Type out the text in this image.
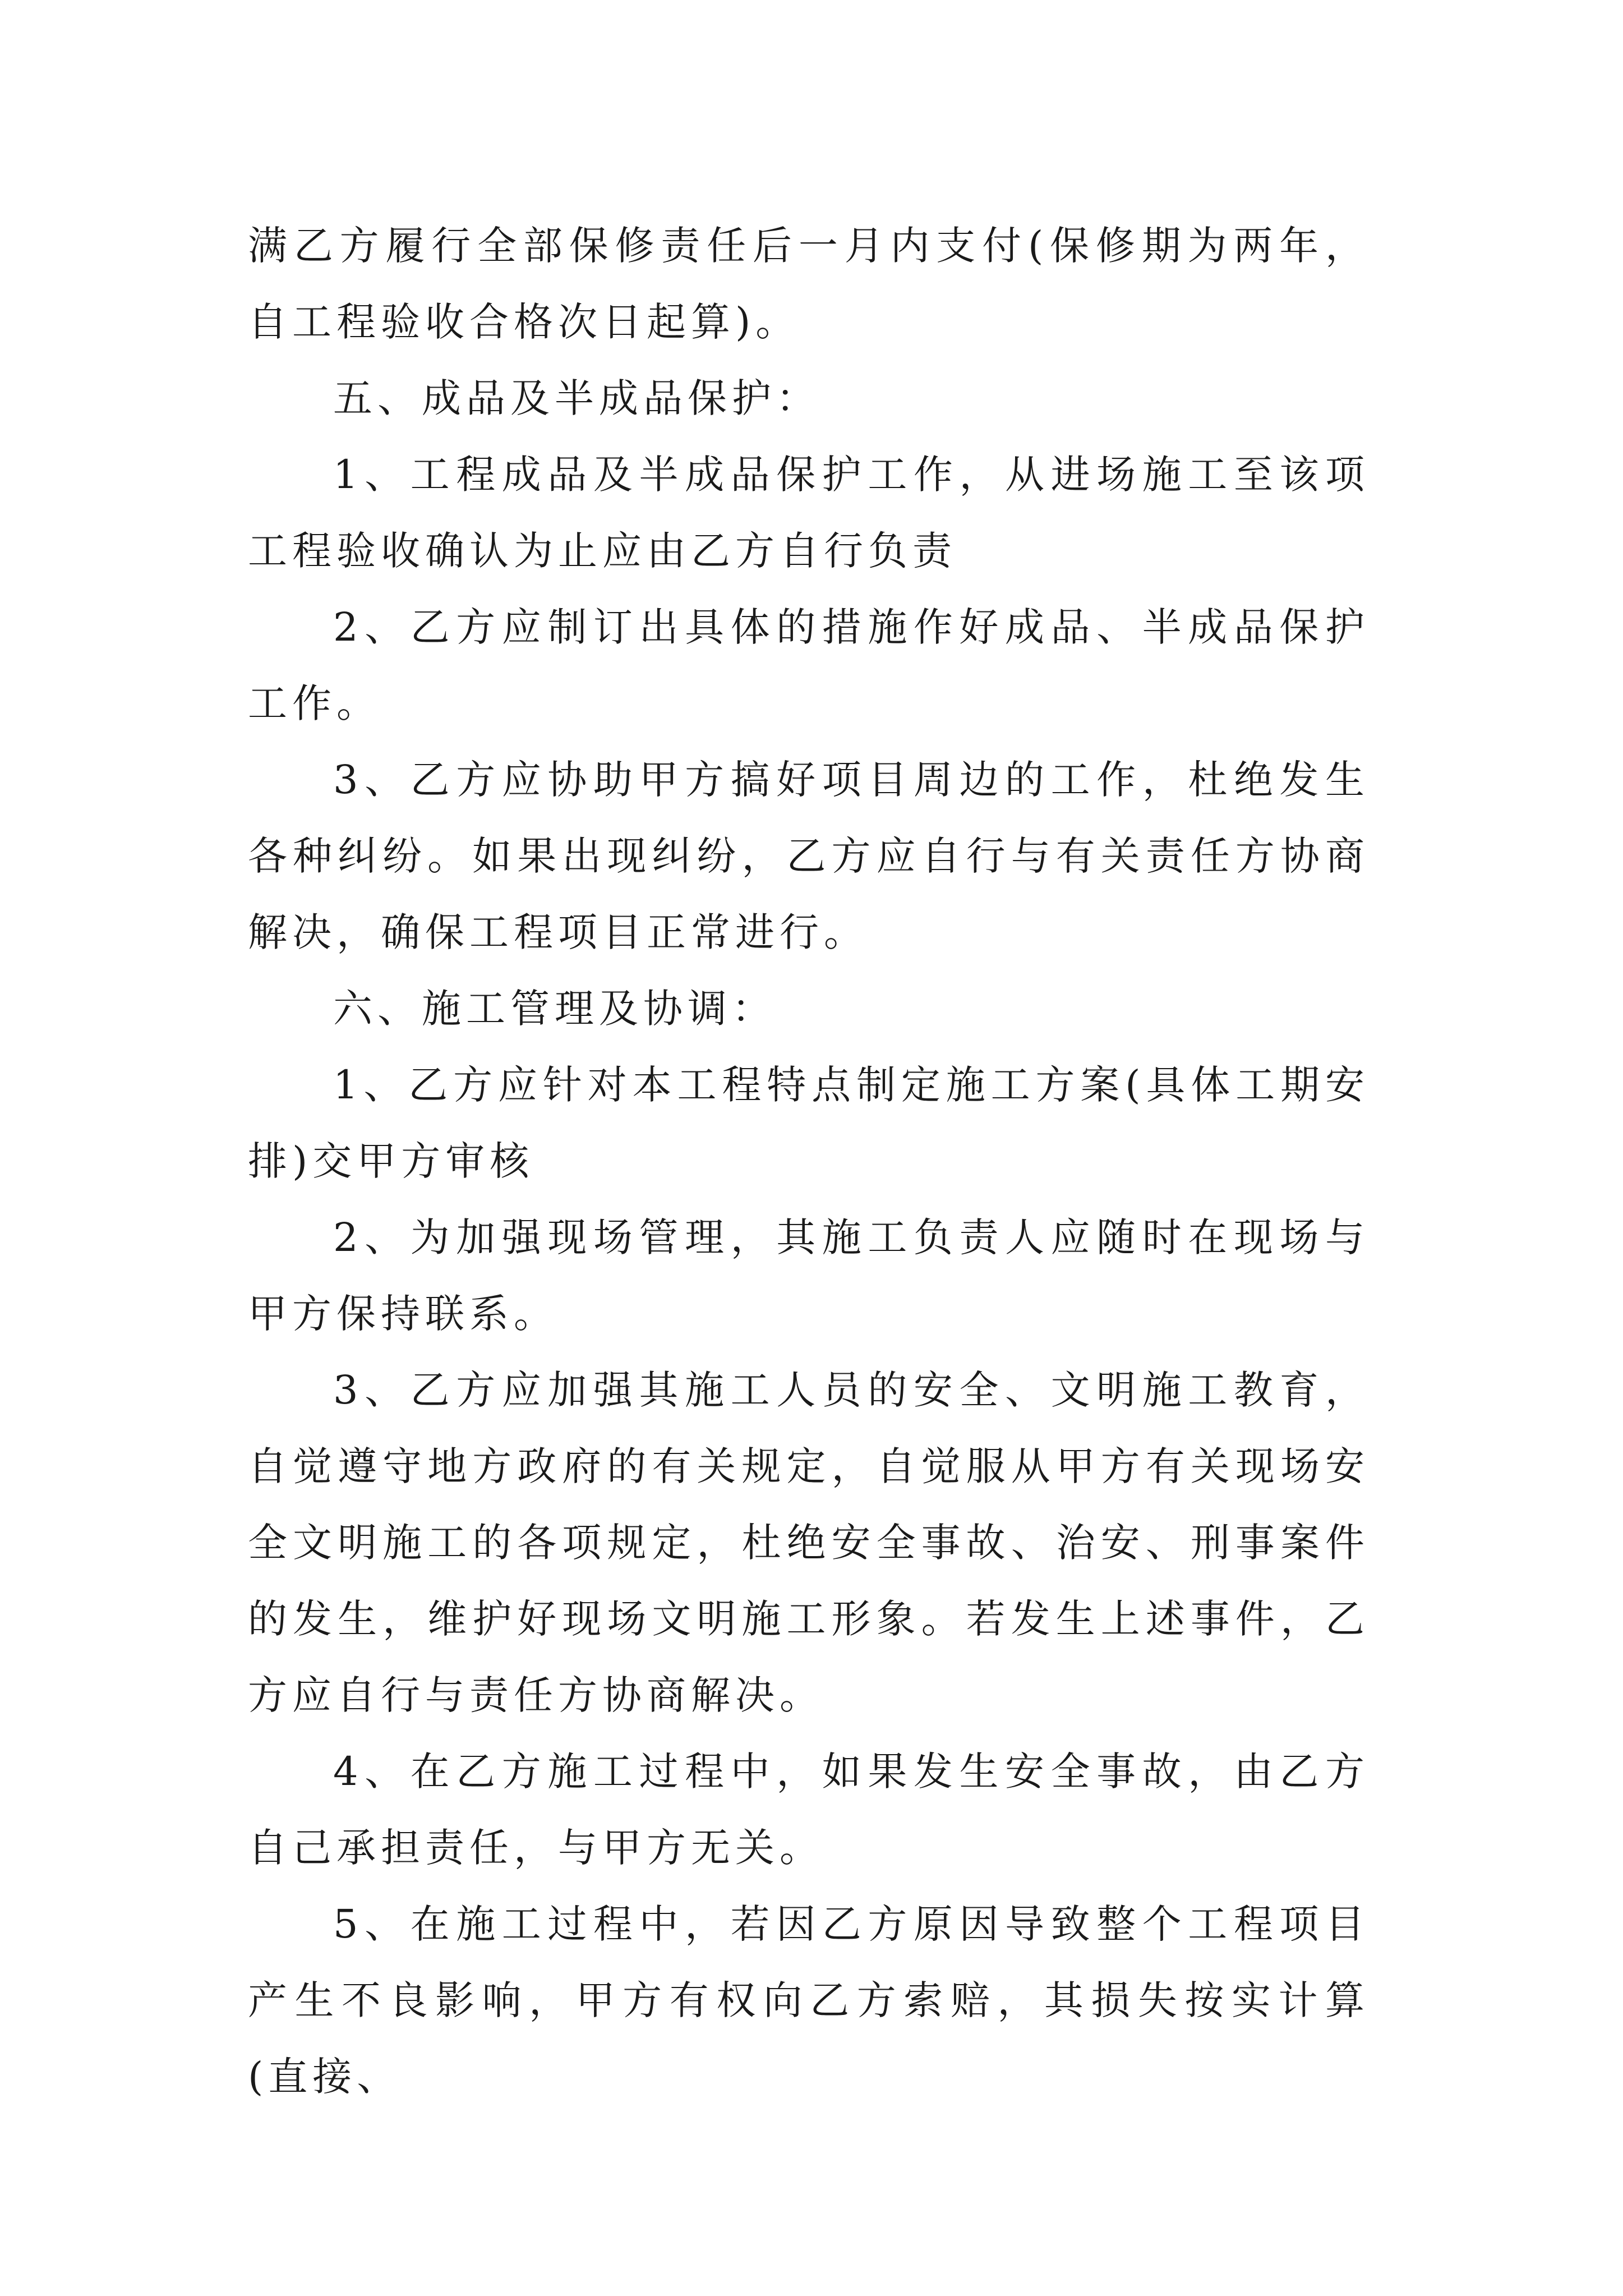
满乙方履行全部保修责任后一月内支付(保修期为两年，自工程验收合格次日起算)。

五、成品及半成品保护：

1、工程成品及半成品保护工作，从进场施工至该项工程验收确认为止应由乙方自行负责

2、乙方应制订出具体的措施作好成品、半成品保护工作。

3、乙方应协助甲方搞好项目周边的工作，杜绝发生各种纠纷。如果出现纠纷，乙方应自行与有关责任方协商解决，确保工程项目正常进行。

六、施工管理及协调：

1、乙方应针对本工程特点制定施工方案(具体工期安排)交甲方审核

2、为加强现场管理，其施工负责人应随时在现场与甲方保持联系。

3、乙方应加强其施工人员的安全、文明施工教育，自觉遵守地方政府的有关规定，自觉服从甲方有关现场安全文明施工的各项规定，杜绝安全事故、治安、刑事案件的发生，维护好现场文明施工形象。若发生上述事件，乙方应自行与责任方协商解决。

4、在乙方施工过程中，如果发生安全事故，由乙方自己承担责任，与甲方无关。

5、在施工过程中，若因乙方原因导致整个工程项目产生不良影响，甲方有权向乙方索赔，其损失按实计算(直接、
